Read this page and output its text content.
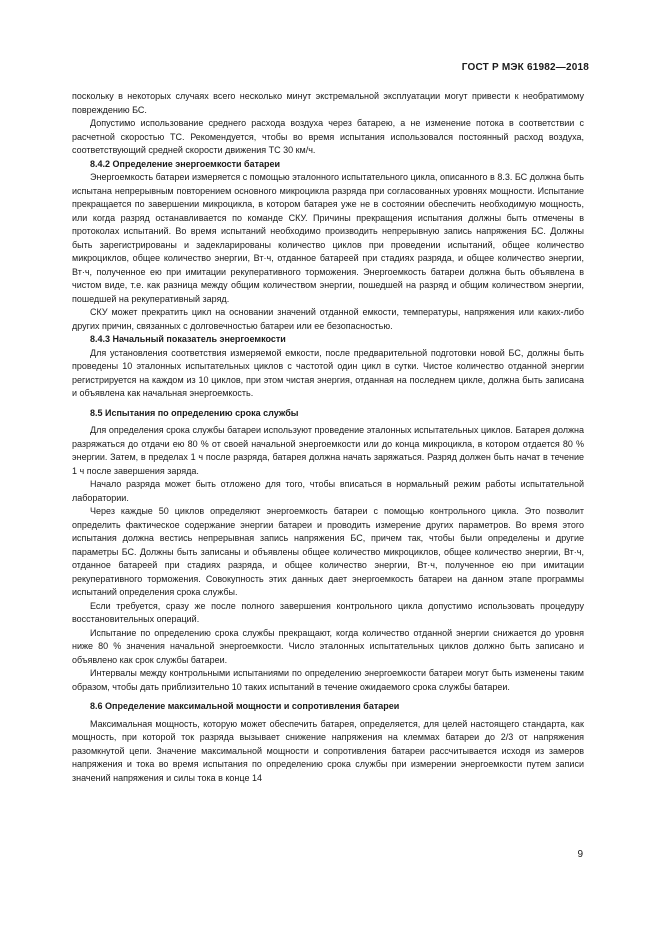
ГОСТ Р МЭК 61982—2018

поскольку в некоторых случаях всего несколько минут экстремальной эксплуатации могут привести к необратимому повреждению БС.

Допустимо использование среднего расхода воздуха через батарею, а не изменение потока в соответствии с расчетной скоростью ТС. Рекомендуется, чтобы во время испытания использовался постоянный расход воздуха, соответствующий средней скорости движения ТС 30 км/ч.

8.4.2 Определение энергоемкости батареи

Энергоемкость батареи измеряется с помощью эталонного испытательного цикла, описанного в 8.3. БС должна быть испытана непрерывным повторением основного микроцикла разряда при согласованных уровнях мощности. Испытание прекращается по завершении микроцикла, в котором батарея уже не в состоянии обеспечить необходимую мощность, или когда разряд останавливается по команде СКУ. Причины прекращения испытания должны быть отмечены в протоколах испытаний. Во время испытаний необходимо производить непрерывную запись напряжения БС. Должны быть зарегистрированы и задекларированы количество циклов при проведении испытаний, общее количество микроциклов, общее количество энергии, Вт·ч, отданное батареей при стадиях разряда, и общее количество энергии, Вт·ч, полученное ею при имитации рекуперативного торможения. Энергоемкость батареи должна быть объявлена в чистом виде, т.е. как разница между общим количеством энергии, пошедшей на разряд и общим количеством энергии, пошедшей на рекуперативный заряд.

СКУ может прекратить цикл на основании значений отданной емкости, температуры, напряжения или каких-либо других причин, связанных с долговечностью батареи или ее безопасностью.

8.4.3 Начальный показатель энергоемкости

Для установления соответствия измеряемой емкости, после предварительной подготовки новой БС, должны быть проведены 10 эталонных испытательных циклов с частотой один цикл в сутки. Чистое количество отданной энергии регистрируется на каждом из 10 циклов, при этом чистая энергия, отданная на последнем цикле, должна быть записана и объявлена как начальная энергоемкость.

8.5 Испытания по определению срока службы

Для определения срока службы батареи используют проведение эталонных испытательных циклов. Батарея должна разряжаться до отдачи ею 80 % от своей начальной энергоемкости или до конца микроцикла, в котором отдается 80 % энергии. Затем, в пределах 1 ч после разряда, батарея должна начать заряжаться. Разряд должен быть начат в течение 1 ч после завершения заряда.

Начало разряда может быть отложено для того, чтобы вписаться в нормальный режим работы испытательной лаборатории.

Через каждые 50 циклов определяют энергоемкость батареи с помощью контрольного цикла. Это позволит определить фактическое содержание энергии батареи и проводить измерение других параметров. Во время этого испытания должна вестись непрерывная запись напряжения БС, причем так, чтобы были определены и другие параметры БС. Должны быть записаны и объявлены общее количество микроциклов, общее количество энергии, Вт·ч, отданное батареей при стадиях разряда, и общее количество энергии, Вт·ч, полученное ею при имитации рекуперативного торможения. Совокупность этих данных дает энергоемкость батареи на данном этапе программы испытаний определения срока службы.

Если требуется, сразу же после полного завершения контрольного цикла допустимо использовать процедуру восстановительных операций.

Испытание по определению срока службы прекращают, когда количество отданной энергии снижается до уровня ниже 80 % значения начальной энергоемкости. Число эталонных испытательных циклов должно быть записано и объявлено как срок службы батареи.

Интервалы между контрольными испытаниями по определению энергоемкости батареи могут быть изменены таким образом, чтобы дать приблизительно 10 таких испытаний в течение ожидаемого срока службы батареи.

8.6 Определение максимальной мощности и сопротивления батареи

Максимальная мощность, которую может обеспечить батарея, определяется, для целей настоящего стандарта, как мощность, при которой ток разряда вызывает снижение напряжения на клеммах батареи до 2/3 от напряжения разомкнутой цепи. Значение максимальной мощности и сопротивления батареи рассчитывается исходя из замеров напряжения и тока во время испытания по определению срока службы при измерении энергоемкости путем записи значений напряжения и силы тока в конце 14

9
